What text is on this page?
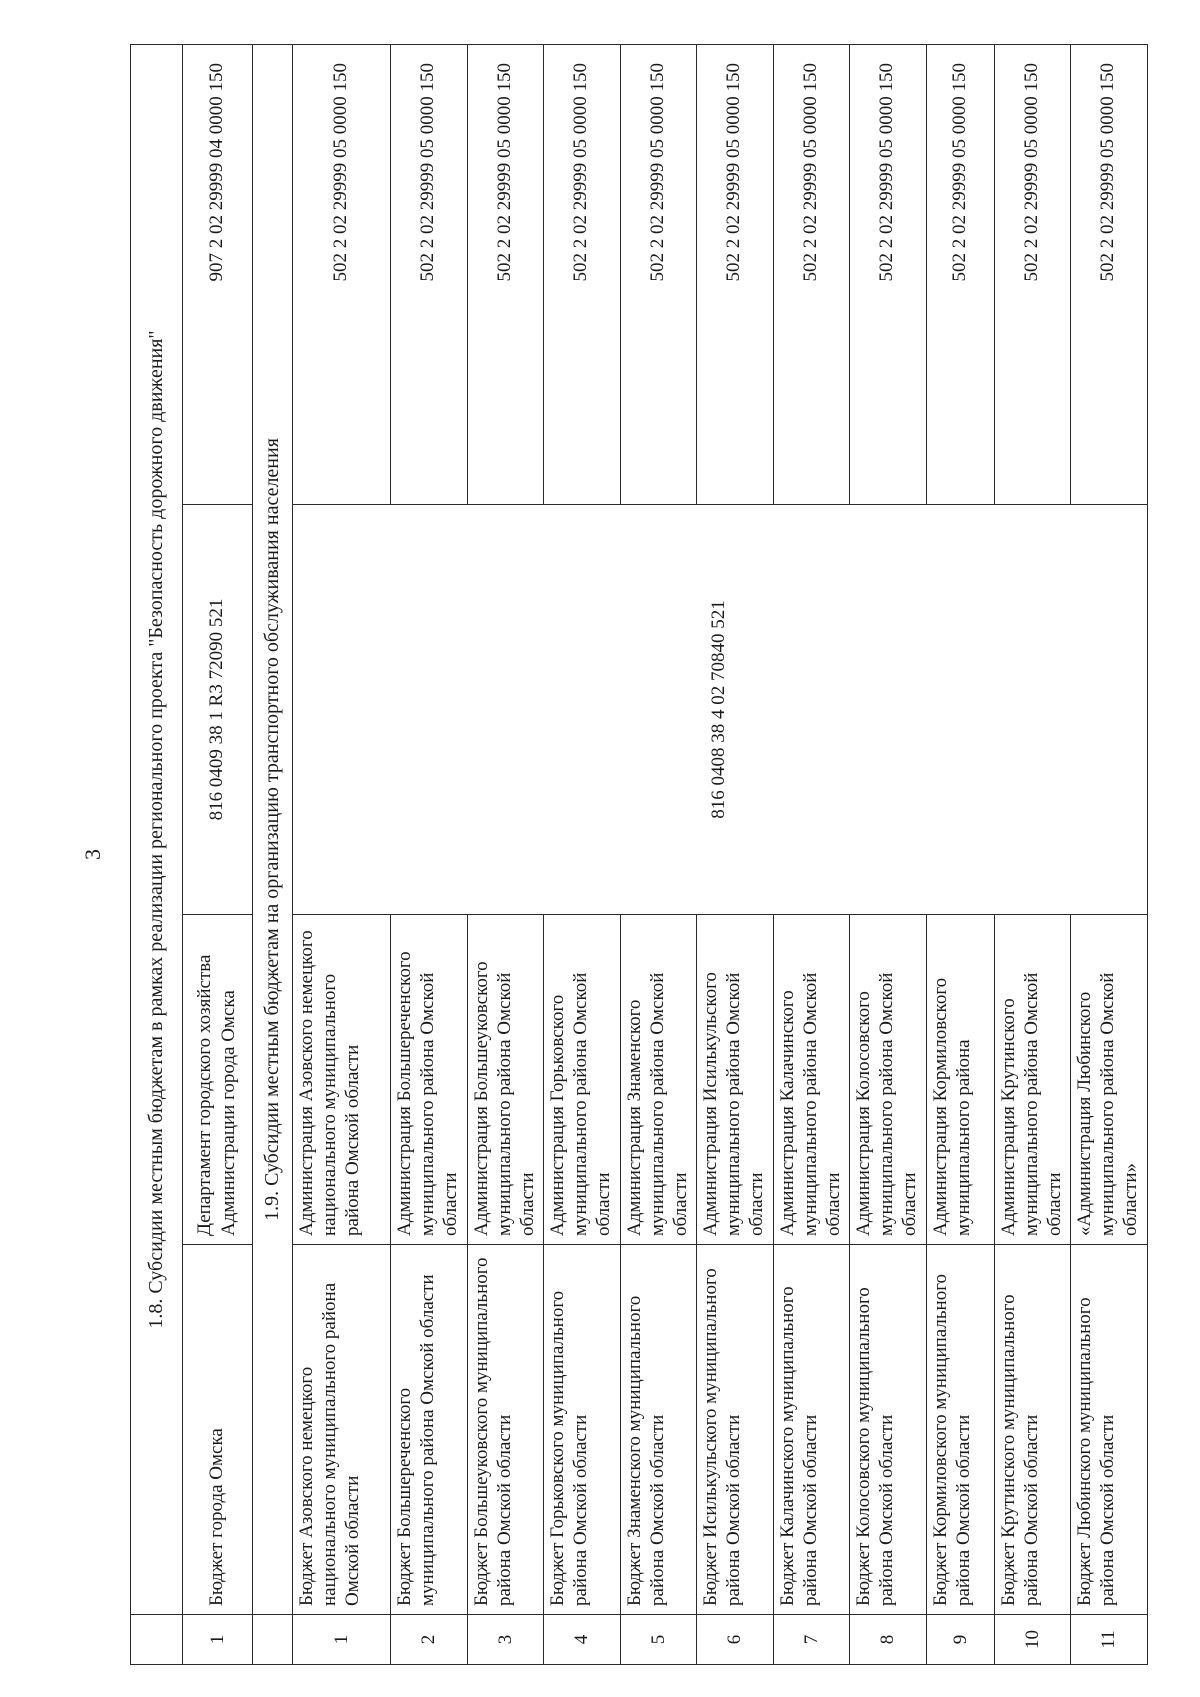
3
	1.8. Субсидии местным бюджетам в рамках реализации регионального проекта "Безопасность дорожного движения"			
1	Бюджет города Омска	Департамент городского хозяйства Администрации города Омска	816 0409 38 1 R3 72090 521	907 2 02 29999 04 0000 150
	1.9. Субсидии местным бюджетам на организацию транспортного обслуживания населения			
1	Бюджет Азовского немецкого национального муниципального района Омской области	Администрация Азовского немецкого национального муниципального района Омской области	816 0408 38 4 02 70840 521	502 2 02 29999 05 0000 150
2	Бюджет Большереченского муниципального района Омской области	Администрация Большереченского муниципального района Омской области		502 2 02 29999 05 0000 150
3	Бюджет Большеуковского муниципального района Омской области	Администрация Большеуковского муниципального района Омской области		502 2 02 29999 05 0000 150
4	Бюджет Горьковского муниципального района Омской области	Администрация Горьковского муниципального района Омской области		502 2 02 29999 05 0000 150
5	Бюджет Знаменского муниципального района Омской области	Администрация Знаменского муниципального района Омской области		502 2 02 29999 05 0000 150
6	Бюджет Исилькульского муниципального района Омской области	Администрация Исилькульского муниципального района Омской области		502 2 02 29999 05 0000 150
7	Бюджет Калачинского муниципального района Омской области	Администрация Калачинского муниципального района Омской области		502 2 02 29999 05 0000 150
8	Бюджет Колосовского муниципального района Омской области	Администрация Колосовского муниципального района Омской области		502 2 02 29999 05 0000 150
9	Бюджет Кормиловского муниципального района Омской области	Администрация Кормиловского муниципального района		502 2 02 29999 05 0000 150
10	Бюджет Крутинского муниципального района Омской области	Администрация Крутинского муниципального района Омской области		502 2 02 29999 05 0000 150
11	Бюджет Любинского муниципального района Омской области	«Администрация Любинского муниципального района Омской области»		502 2 02 29999 05 0000 150
